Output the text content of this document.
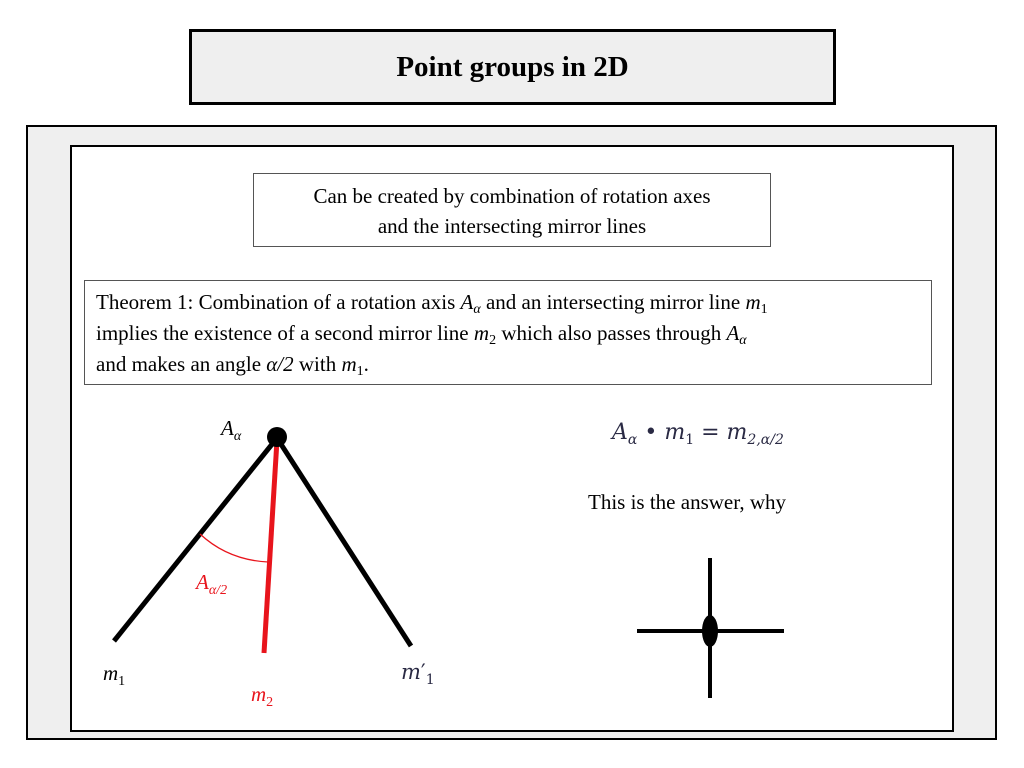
Point groups in 2D
Can be created by combination of rotation axes
and the intersecting mirror lines
Theorem 1: Combination of a rotation axis $A_\alpha$ and an intersecting mirror line $m_1$
implies the existence of a second mirror line $m_2$ which also passes through $A_\alpha$
and makes an angle α/2 with $m_1$.
$A_\alpha$
$A_{\alpha/2}$
$m_1$
$m_2$
$m'_1$
$A_\alpha$ • $m_1 = m_{2,\alpha/2}$
This is the answer, why
